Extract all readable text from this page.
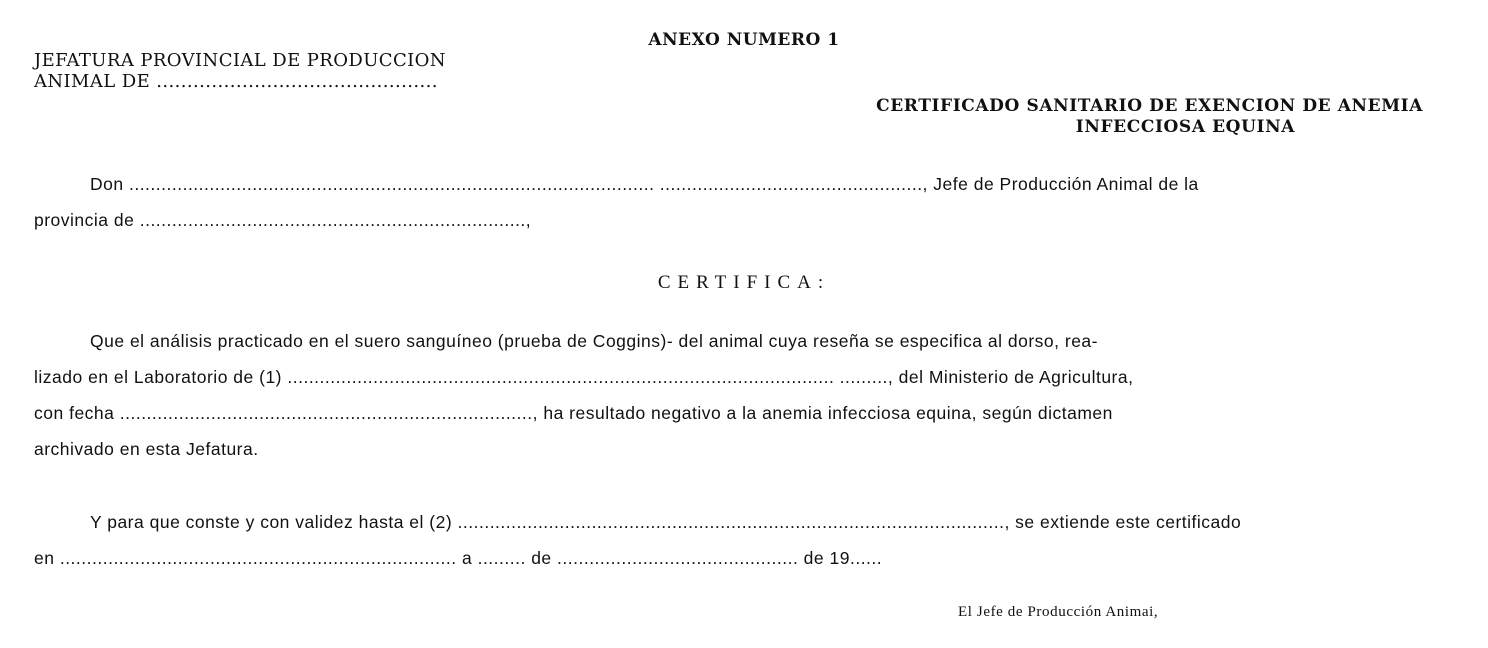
ANEXO NUMERO 1
JEFATURA PROVINCIAL DE PRODUCCION
ANIMAL DE ..............................................
CERTIFICADO SANITARIO DE EXENCION DE ANEMIA
INFECCIOSA EQUINA
Don .................................................................................................. ................................................., Jefe de Producción Animal de la
provincia de ........................................................................,
CERTIFICA:
Que el análisis practicado en el suero sanguíneo (prueba de Coggins)- del animal cuya reseña se especifica al dorso, rea-
lizado en el Laboratorio de (1) ...................................................................................................... ........., del Ministerio de Agricultura,
con fecha ............................................................................., ha resultado negativo a la anemia infecciosa equina, según dictamen
archivado en esta Jefatura.
Y para que conste y con validez hasta el (2) ......................................................................................................, se extiende este certificado
en .......................................................................... a ......... de ............................................. de 19......
El Jefe de Producción Animai,
